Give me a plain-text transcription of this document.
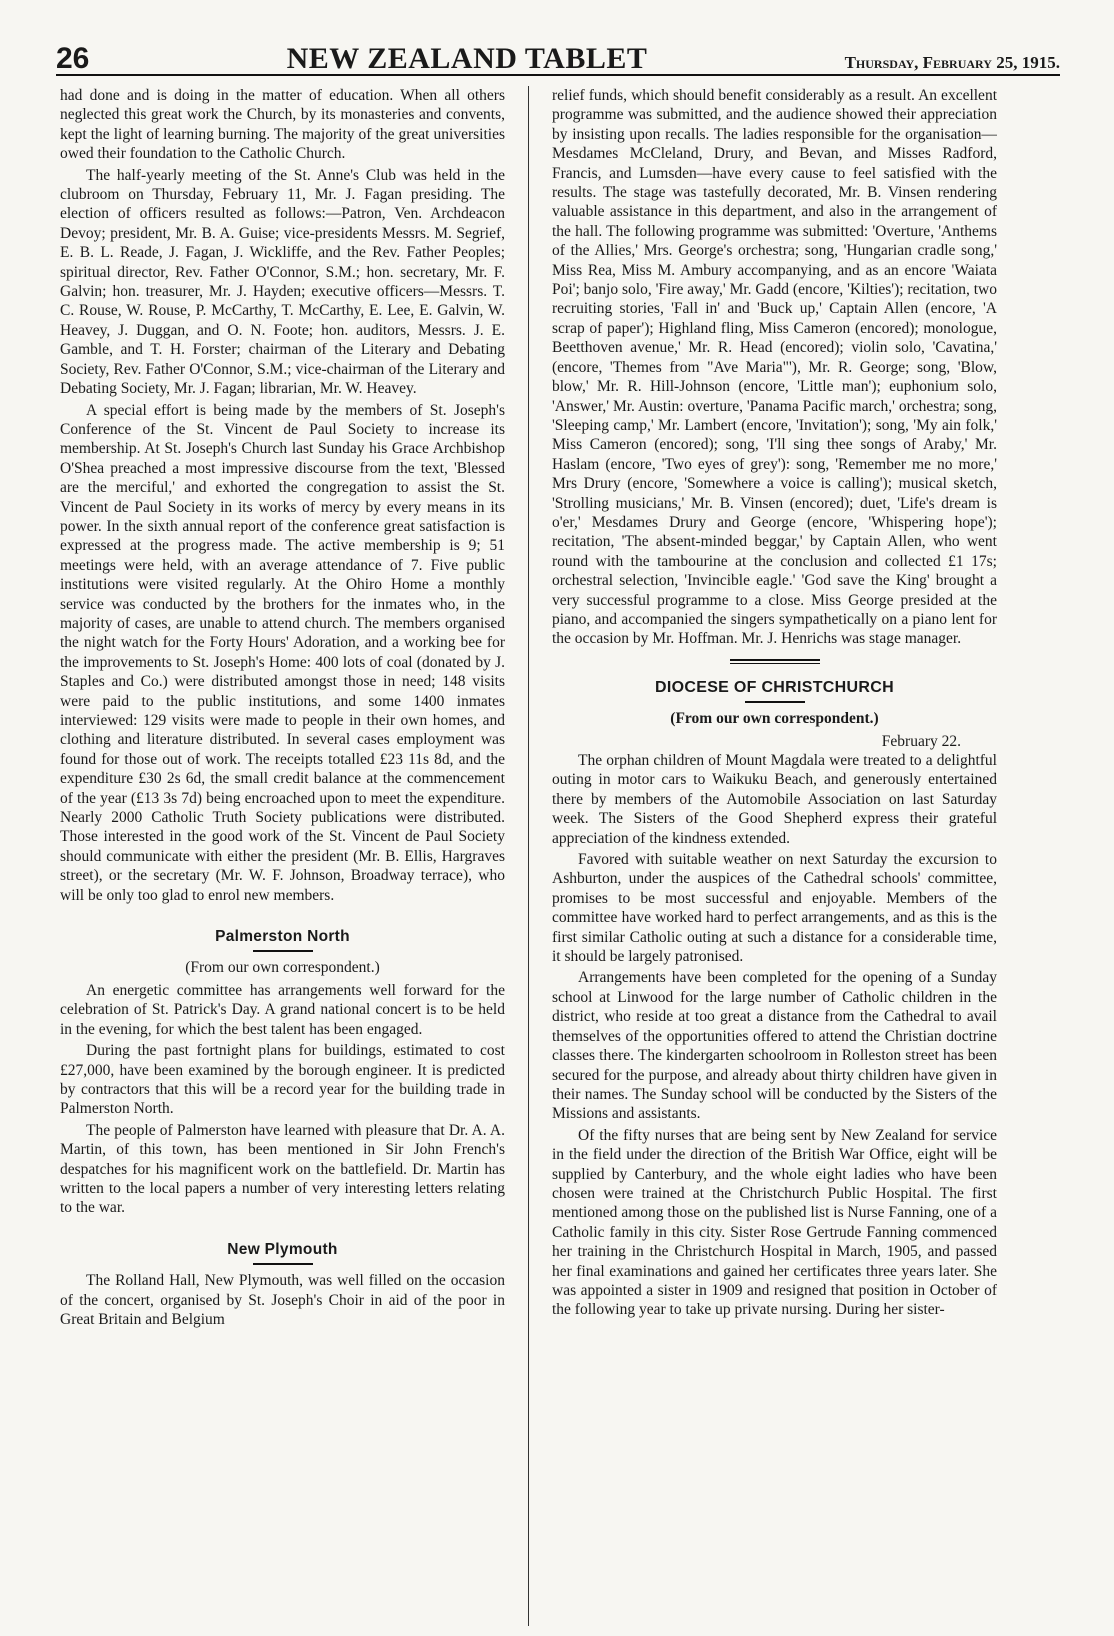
26	NEW ZEALAND TABLET	Thursday, February 25, 1915.

had done and is doing in the matter of education. When all others neglected this great work the Church, by its monasteries and convents, kept the light of learning burning. The majority of the great universities owed their foundation to the Catholic Church.

The half-yearly meeting of the St. Anne's Club was held in the clubroom on Thursday, February 11, Mr. J. Fagan presiding. The election of officers resulted as follows:—Patron, Ven. Archdeacon Devoy; president, Mr. B. A. Guise; vice-presidents Messrs. M. Segrief, E. B. L. Reade, J. Fagan, J. Wickliffe, and the Rev. Father Peoples; spiritual director, Rev. Father O'Connor, S.M.; hon. secretary, Mr. F. Galvin; hon. treasurer, Mr. J. Hayden; executive officers—Messrs. T. C. Rouse, W. Rouse, P. McCarthy, T. McCarthy, E. Lee, E. Galvin, W. Heavey, J. Duggan, and O. N. Foote; hon. auditors, Messrs. J. E. Gamble, and T. H. Forster; chairman of the Literary and Debating Society, Rev. Father O'Connor, S.M.; vice-chairman of the Literary and Debating Society, Mr. J. Fagan; librarian, Mr. W. Heavey.

A special effort is being made by the members of St. Joseph's Conference of the St. Vincent de Paul Society to increase its membership. At St. Joseph's Church last Sunday his Grace Archbishop O'Shea preached a most impressive discourse from the text, 'Blessed are the merciful,' and exhorted the congregation to assist the St. Vincent de Paul Society in its works of mercy by every means in its power. In the sixth annual report of the conference great satisfaction is expressed at the progress made. The active membership is 9; 51 meetings were held, with an average attendance of 7. Five public institutions were visited regularly. At the Ohiro Home a monthly service was conducted by the brothers for the inmates who, in the majority of cases, are unable to attend church. The members organised the night watch for the Forty Hours' Adoration, and a working bee for the improvements to St. Joseph's Home: 400 lots of coal (donated by J. Staples and Co.) were distributed amongst those in need; 148 visits were paid to the public institutions, and some 1400 inmates interviewed: 129 visits were made to people in their own homes, and clothing and literature distributed. In several cases employment was found for those out of work. The receipts totalled £23 11s 8d, and the expenditure £30 2s 6d, the small credit balance at the commencement of the year (£13 3s 7d) being encroached upon to meet the expenditure. Nearly 2000 Catholic Truth Society publications were distributed. Those interested in the good work of the St. Vincent de Paul Society should communicate with either the president (Mr. B. Ellis, Hargraves street), or the secretary (Mr. W. F. Johnson, Broadway terrace), who will be only too glad to enrol new members.

Palmerston North
(From our own correspondent.)

An energetic committee has arrangements well forward for the celebration of St. Patrick's Day. A grand national concert is to be held in the evening, for which the best talent has been engaged.

During the past fortnight plans for buildings, estimated to cost £27,000, have been examined by the borough engineer. It is predicted by contractors that this will be a record year for the building trade in Palmerston North.

The people of Palmerston have learned with pleasure that Dr. A. A. Martin, of this town, has been mentioned in Sir John French's despatches for his magnificent work on the battlefield. Dr. Martin has written to the local papers a number of very interesting letters relating to the war.

New Plymouth

The Rolland Hall, New Plymouth, was well filled on the occasion of the concert, organised by St. Joseph's Choir in aid of the poor in Great Britain and Belgium

relief funds, which should benefit considerably as a result. An excellent programme was submitted, and the audience showed their appreciation by insisting upon recalls. The ladies responsible for the organisation—Mesdames McCleland, Drury, and Bevan, and Misses Radford, Francis, and Lumsden—have every cause to feel satisfied with the results. The stage was tastefully decorated, Mr. B. Vinsen rendering valuable assistance in this department, and also in the arrangement of the hall. The following programme was submitted: 'Overture, 'Anthems of the Allies,' Mrs. George's orchestra; song, 'Hungarian cradle song,' Miss Rea, Miss M. Ambury accompanying, and as an encore 'Waiata Poi'; banjo solo, 'Fire away,' Mr. Gadd (encore, 'Kilties'); recitation, two recruiting stories, 'Fall in' and 'Buck up,' Captain Allen (encore, 'A scrap of paper'); Highland fling, Miss Cameron (encored); monologue, Beetthoven avenue,' Mr. R. Head (encored); violin solo, 'Cavatina,' (encore, 'Themes from "Ave Maria"'), Mr. R. George; song, 'Blow, blow,' Mr. R. Hill-Johnson (encore, 'Little man'); euphonium solo, 'Answer,' Mr. Austin: overture, 'Panama Pacific march,' orchestra; song, 'Sleeping camp,' Mr. Lambert (encore, 'Invitation'); song, 'My ain folk,' Miss Cameron (encored); song, 'I'll sing thee songs of Araby,' Mr. Haslam (encore, 'Two eyes of grey'): song, 'Remember me no more,' Mrs Drury (encore, 'Somewhere a voice is calling'); musical sketch, 'Strolling musicians,' Mr. B. Vinsen (encored); duet, 'Life's dream is o'er,' Mesdames Drury and George (encore, 'Whispering hope'); recitation, 'The absent-minded beggar,' by Captain Allen, who went round with the tambourine at the conclusion and collected £1 17s; orchestral selection, 'Invincible eagle.' 'God save the King' brought a very successful programme to a close. Miss George presided at the piano, and accompanied the singers sympathetically on a piano lent for the occasion by Mr. Hoffman. Mr. J. Henrichs was stage manager.

DIOCESE OF CHRISTCHURCH
(From our own correspondent.)

February 22.

The orphan children of Mount Magdala were treated to a delightful outing in motor cars to Waikuku Beach, and generously entertained there by members of the Automobile Association on last Saturday week. The Sisters of the Good Shepherd express their grateful appreciation of the kindness extended.

Favored with suitable weather on next Saturday the excursion to Ashburton, under the auspices of the Cathedral schools' committee, promises to be most successful and enjoyable. Members of the committee have worked hard to perfect arrangements, and as this is the first similar Catholic outing at such a distance for a considerable time, it should be largely patronised.

Arrangements have been completed for the opening of a Sunday school at Linwood for the large number of Catholic children in the district, who reside at too great a distance from the Cathedral to avail themselves of the opportunities offered to attend the Christian doctrine classes there. The kindergarten schoolroom in Rolleston street has been secured for the purpose, and already about thirty children have given in their names. The Sunday school will be conducted by the Sisters of the Missions and assistants.

Of the fifty nurses that are being sent by New Zealand for service in the field under the direction of the British War Office, eight will be supplied by Canterbury, and the whole eight ladies who have been chosen were trained at the Christchurch Public Hospital. The first mentioned among those on the published list is Nurse Fanning, one of a Catholic family in this city. Sister Rose Gertrude Fanning commenced her training in the Christchurch Hospital in March, 1905, and passed her final examinations and gained her certificates three years later. She was appointed a sister in 1909 and resigned that position in October of the following year to take up private nursing. During her sister-
